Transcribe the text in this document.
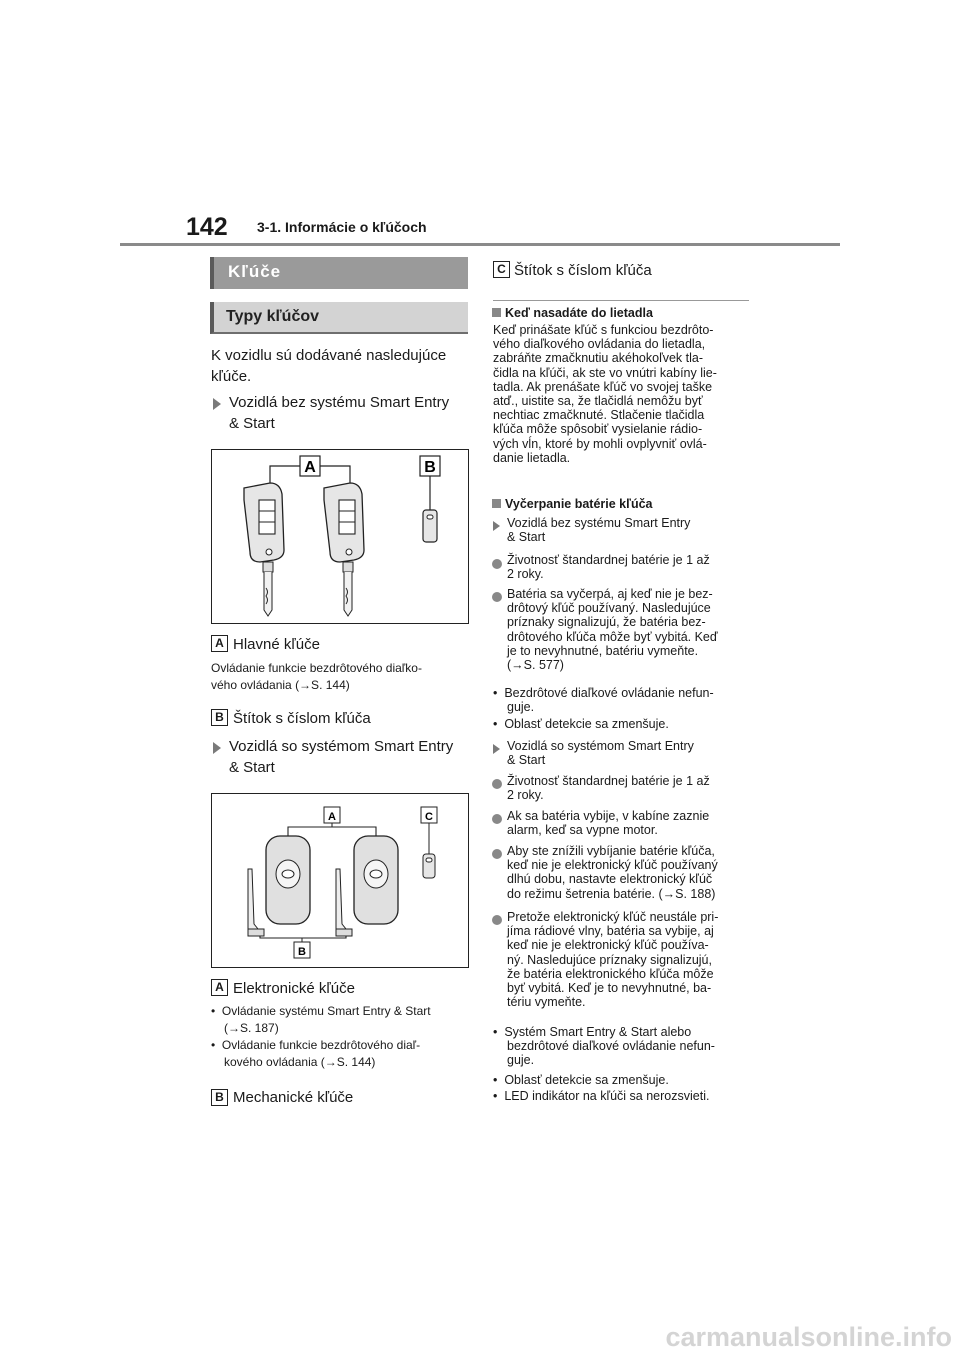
142 3-1. Informácie o kľúčoch
Kľúče
Typy kľúčov
K vozidlu sú dodávané nasledujúce
kľúče.
Vozidlá bez systému Smart Entry
& Start
A	B
A Hlavné kľúče
Ovládanie funkcie bezdrôtového diaľko-
vého ovládania (→S. 144)
B Štítok s číslom kľúča
Vozidlá so systémom Smart Entry
& Start
A	C
B
A Elektronické kľúče
•  Ovládanie systému Smart Entry & Start
(→S. 187)
•  Ovládanie funkcie bezdrôtového diaľ-
kového ovládania (→S. 144)
B Mechanické kľúče
C Štítok s číslom kľúča
Keď nasadáte do lietadla
Keď prinášate kľúč s funkciou bezdrôto-
vého diaľkového ovládania do lietadla,
zabráňte zmačknutiu akéhokoľvek tla-
čidla na kľúči, ak ste vo vnútri kabíny lie-
tadla. Ak prenášate kľúč vo svojej taške
atď., uistite sa, že tlačidlá nemôžu byť
nechtiac zmačknuté. Stlačenie tlačidla
kľúča môže spôsobiť vysielanie rádio-
vých vĺn, ktoré by mohli ovplyvniť ovlá-
danie lietadla.
Vyčerpanie batérie kľúča
Vozidlá bez systému Smart Entry
& Start
Životnosť štandardnej batérie je 1 až
2 roky.
Batéria sa vyčerpá, aj keď nie je bez-
drôtový kľúč používaný. Nasledujúce
príznaky signalizujú, že batéria bez-
drôtového kľúča môže byť vybitá. Keď
je to nevyhnutné, batériu vymeňte.
(→S. 577)
•  Bezdrôtové diaľkové ovládanie nefun-
guje.
•  Oblasť detekcie sa zmenšuje.
Vozidlá so systémom Smart Entry
& Start
Životnosť štandardnej batérie je 1 až
2 roky.
Ak sa batéria vybije, v kabíne zaznie
alarm, keď sa vypne motor.
Aby ste znížili vybíjanie batérie kľúča,
keď nie je elektronický kľúč používaný
dlhú dobu, nastavte elektronický kľúč
do režimu šetrenia batérie. (→S. 188)
Pretože elektronický kľúč neustále pri-
jíma rádiové vlny, batéria sa vybije, aj
keď nie je elektronický kľúč používa-
ný. Nasledujúce príznaky signalizujú,
že batéria elektronického kľúča môže
byť vybitá. Keď je to nevyhnutné, ba-
tériu vymeňte.
•  Systém Smart Entry & Start alebo
bezdrôtové diaľkové ovládanie nefun-
guje.
•  Oblasť detekcie sa zmenšuje.
•  LED indikátor na kľúči sa nerozsvieti.
carmanualsonline.info
